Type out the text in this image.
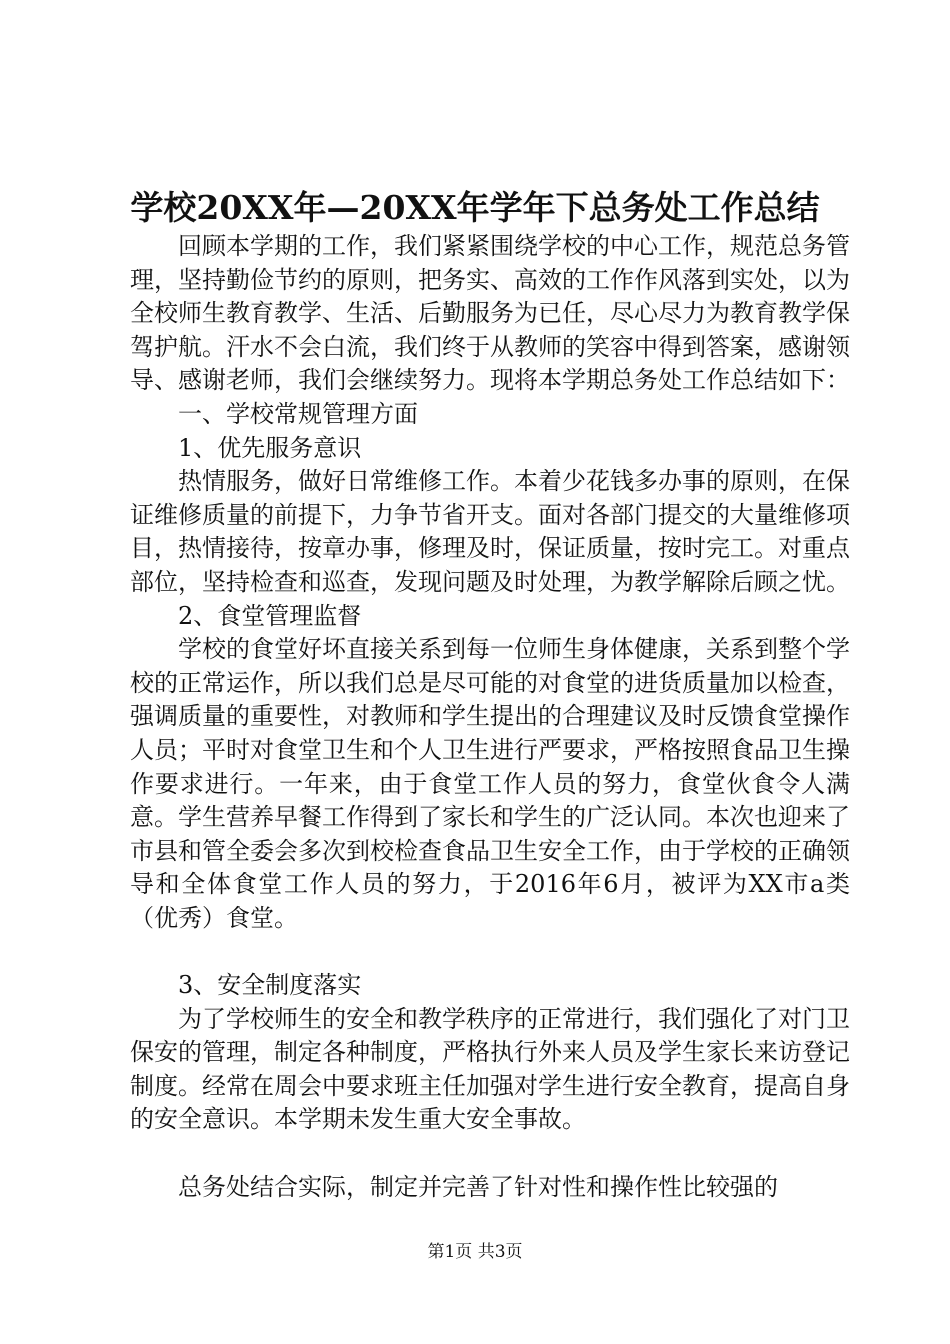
学校20XX年—20XX年学年下总务处工作总结

回顾本学期的工作，我们紧紧围绕学校的中心工作，规范总务管理，坚持勤俭节约的原则，把务实、高效的工作作风落到实处，以为全校师生教育教学、生活、后勤服务为已任，尽心尽力为教育教学保驾护航。汗水不会白流，我们终于从教师的笑容中得到答案，感谢领导、感谢老师，我们会继续努力。现将本学期总务处工作总结如下：

一、学校常规管理方面

1、优先服务意识

热情服务，做好日常维修工作。本着少花钱多办事的原则，在保证维修质量的前提下，力争节省开支。面对各部门提交的大量维修项目，热情接待，按章办事，修理及时，保证质量，按时完工。对重点部位，坚持检查和巡查，发现问题及时处理，为教学解除后顾之忧。

2、食堂管理监督

学校的食堂好坏直接关系到每一位师生身体健康，关系到整个学校的正常运作，所以我们总是尽可能的对食堂的进货质量加以检查，强调质量的重要性，对教师和学生提出的合理建议及时反馈食堂操作人员；平时对食堂卫生和个人卫生进行严要求，严格按照食品卫生操作要求进行。一年来，由于食堂工作人员的努力，食堂伙食令人满意。学生营养早餐工作得到了家长和学生的广泛认同。本次也迎来了市县和管全委会多次到校检查食品卫生安全工作，由于学校的正确领导和全体食堂工作人员的努力，于2016年6月，被评为XX市a类（优秀）食堂。

3、安全制度落实

为了学校师生的安全和教学秩序的正常进行，我们强化了对门卫保安的管理，制定各种制度，严格执行外来人员及学生家长来访登记制度。经常在周会中要求班主任加强对学生进行安全教育，提高自身的安全意识。本学期未发生重大安全事故。

总务处结合实际，制定并完善了针对性和操作性比较强的

第1页 共3页
